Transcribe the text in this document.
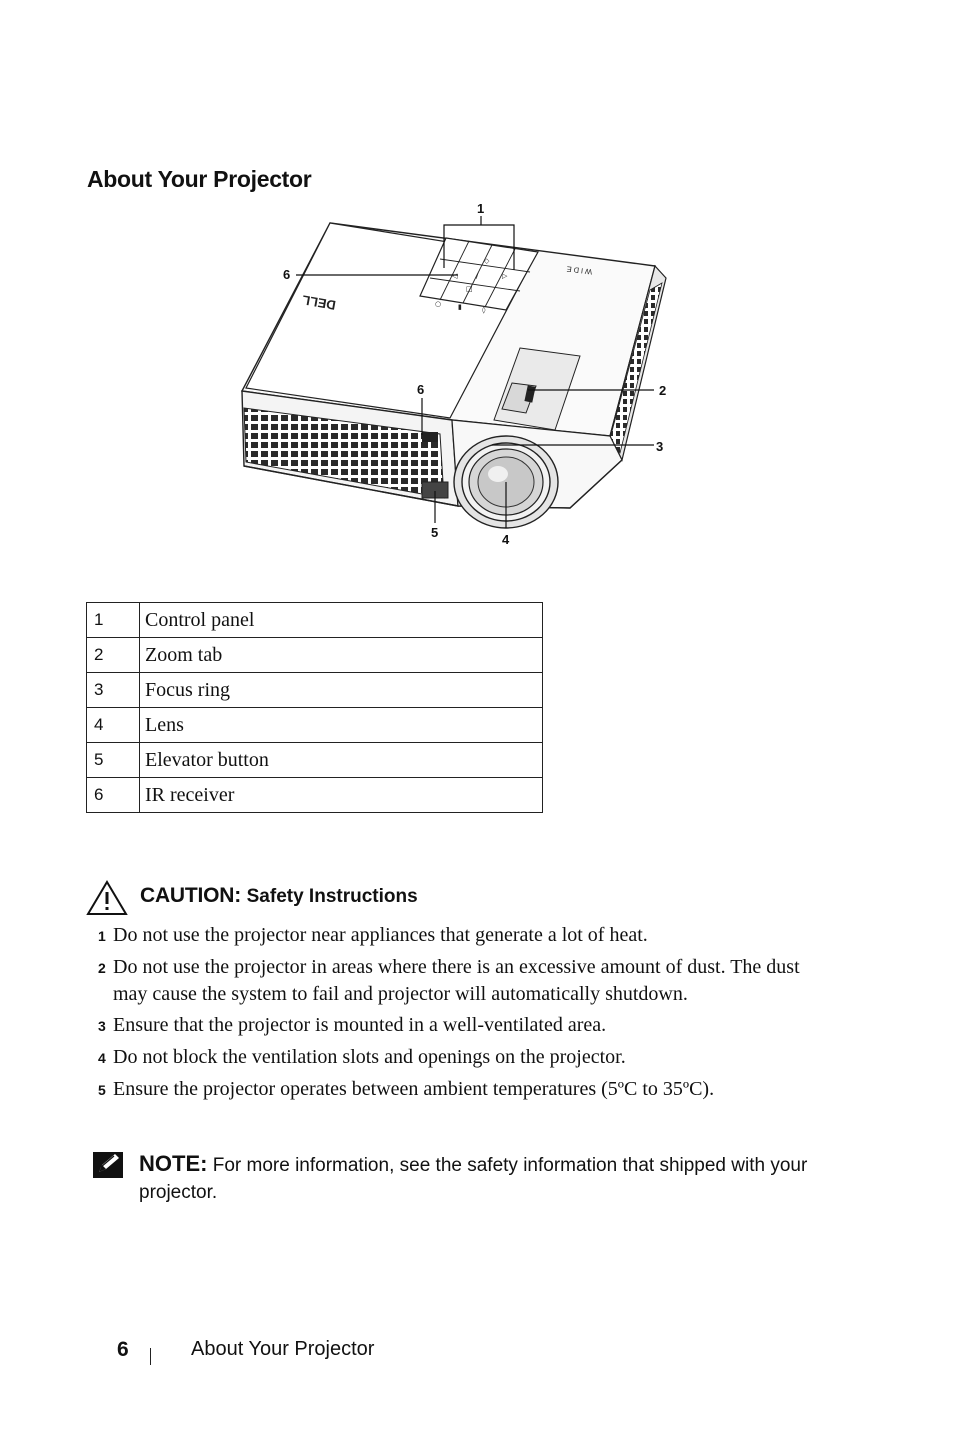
About Your Projector
◇
/
◁	▷
□
○ ▮	◊
DELL
WIDE
1
2
3
4
5
6
6
1	Control panel
2	Zoom tab
3	Focus ring
4	Lens
5	Elevator button
6	IR receiver
CAUTION: Safety Instructions
1 Do not use the projector near appliances that generate a lot of heat.
2 Do not use the projector in areas where there is an excessive amount of dust. The dust may cause the system to fail and projector will automatically shutdown.
3 Ensure that the projector is mounted in a well-ventilated area.
4 Do not block the ventilation slots and openings on the projector.
5 Ensure the projector operates between ambient temperatures (5ºC to 35ºC).
NOTE: For more information, see the safety information that shipped with your projector.
6	About Your Projector
